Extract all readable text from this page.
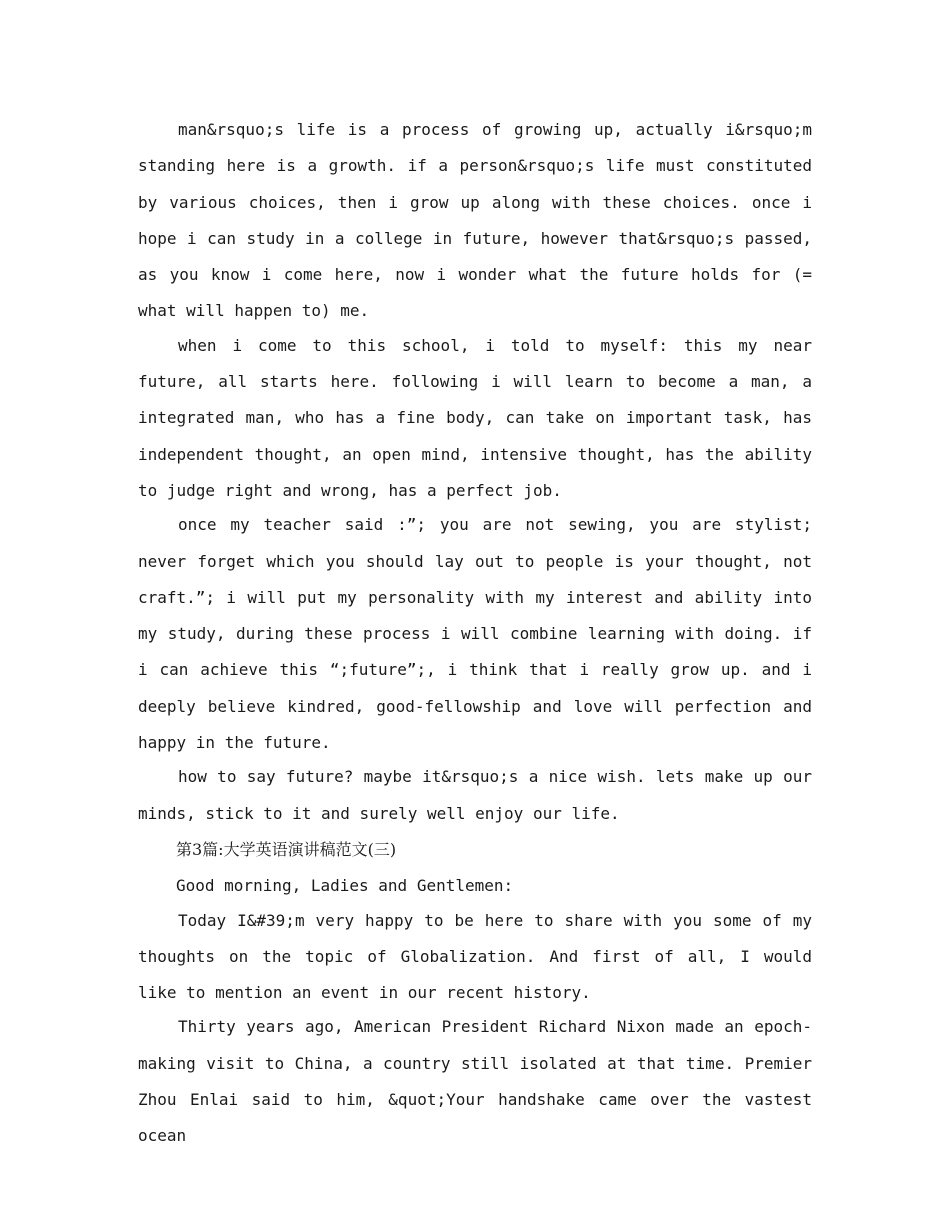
man&rsquo;s life is a process of growing up, actually i&rsquo;m standing here is a growth. if a person&rsquo;s life must constituted by various choices, then i grow up along with these choices. once i hope i can study in a college in future, however that&rsquo;s passed, as you know i come here, now i wonder what the future holds for (= what will happen to) me.

when i come to this school, i told to myself: this my near future, all starts here. following i will learn to become a man, a integrated man, who has a fine body, can take on important task, has independent thought, an open mind, intensive thought, has the ability to judge right and wrong, has a perfect job.

once my teacher said :”; you are not sewing, you are stylist; never forget which you should lay out to people is your thought, not craft.”; i will put my personality with my interest and ability into my study, during these process i will combine learning with doing. if i can achieve this “;future”;, i think that i really grow up. and i deeply believe kindred, good-fellowship and love will perfection and happy in the future.

how to say future? maybe it&rsquo;s a nice wish. lets make up our minds, stick to it and surely well enjoy our life.

第3篇:大学英语演讲稿范文(三)

Good morning, Ladies and Gentlemen:

Today I&#39;m very happy to be here to share with you some of my thoughts on the topic of Globalization. And first of all, I would like to mention an event in our recent history.

Thirty years ago, American President Richard Nixon made an epoch-making visit to China, a country still isolated at that time. Premier Zhou Enlai said to him, &quot;Your handshake came over the vastest ocean
